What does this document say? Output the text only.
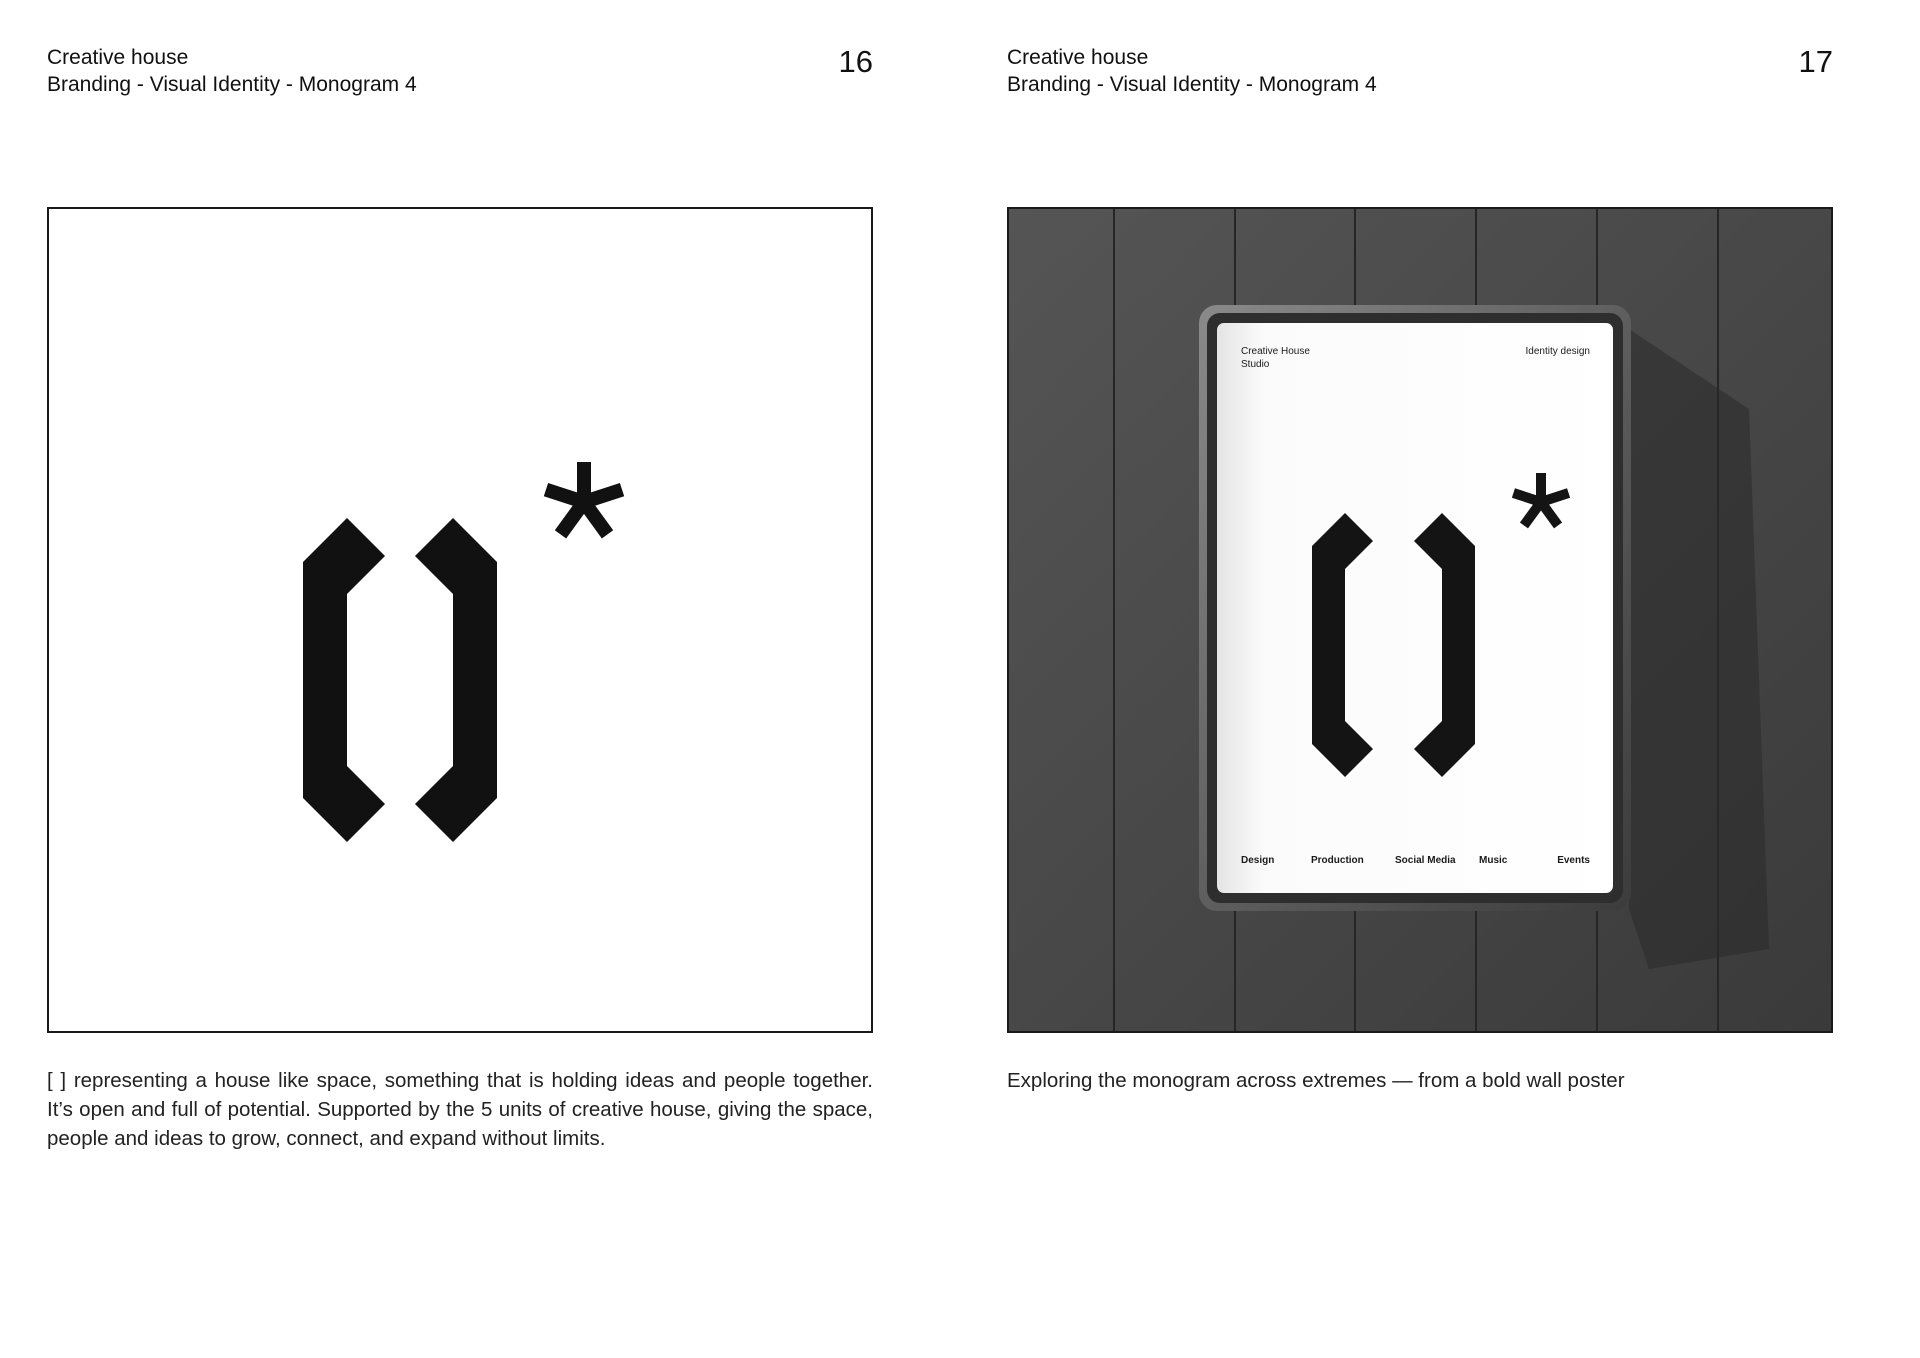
Creative house
Branding - Visual Identity - Monogram 4
16
[ ] representing a house like space, something that is holding ideas and people together. It’s open and full of potential. Supported by the 5 units of creative house, giving the space, people and ideas to grow, connect, and expand without limits.
Creative house
Branding - Visual Identity - Monogram 4
17
Creative House
Studio
Identity design
Design	Production	Social Media Music	Events
Exploring the monogram across extremes — from a bold wall poster
